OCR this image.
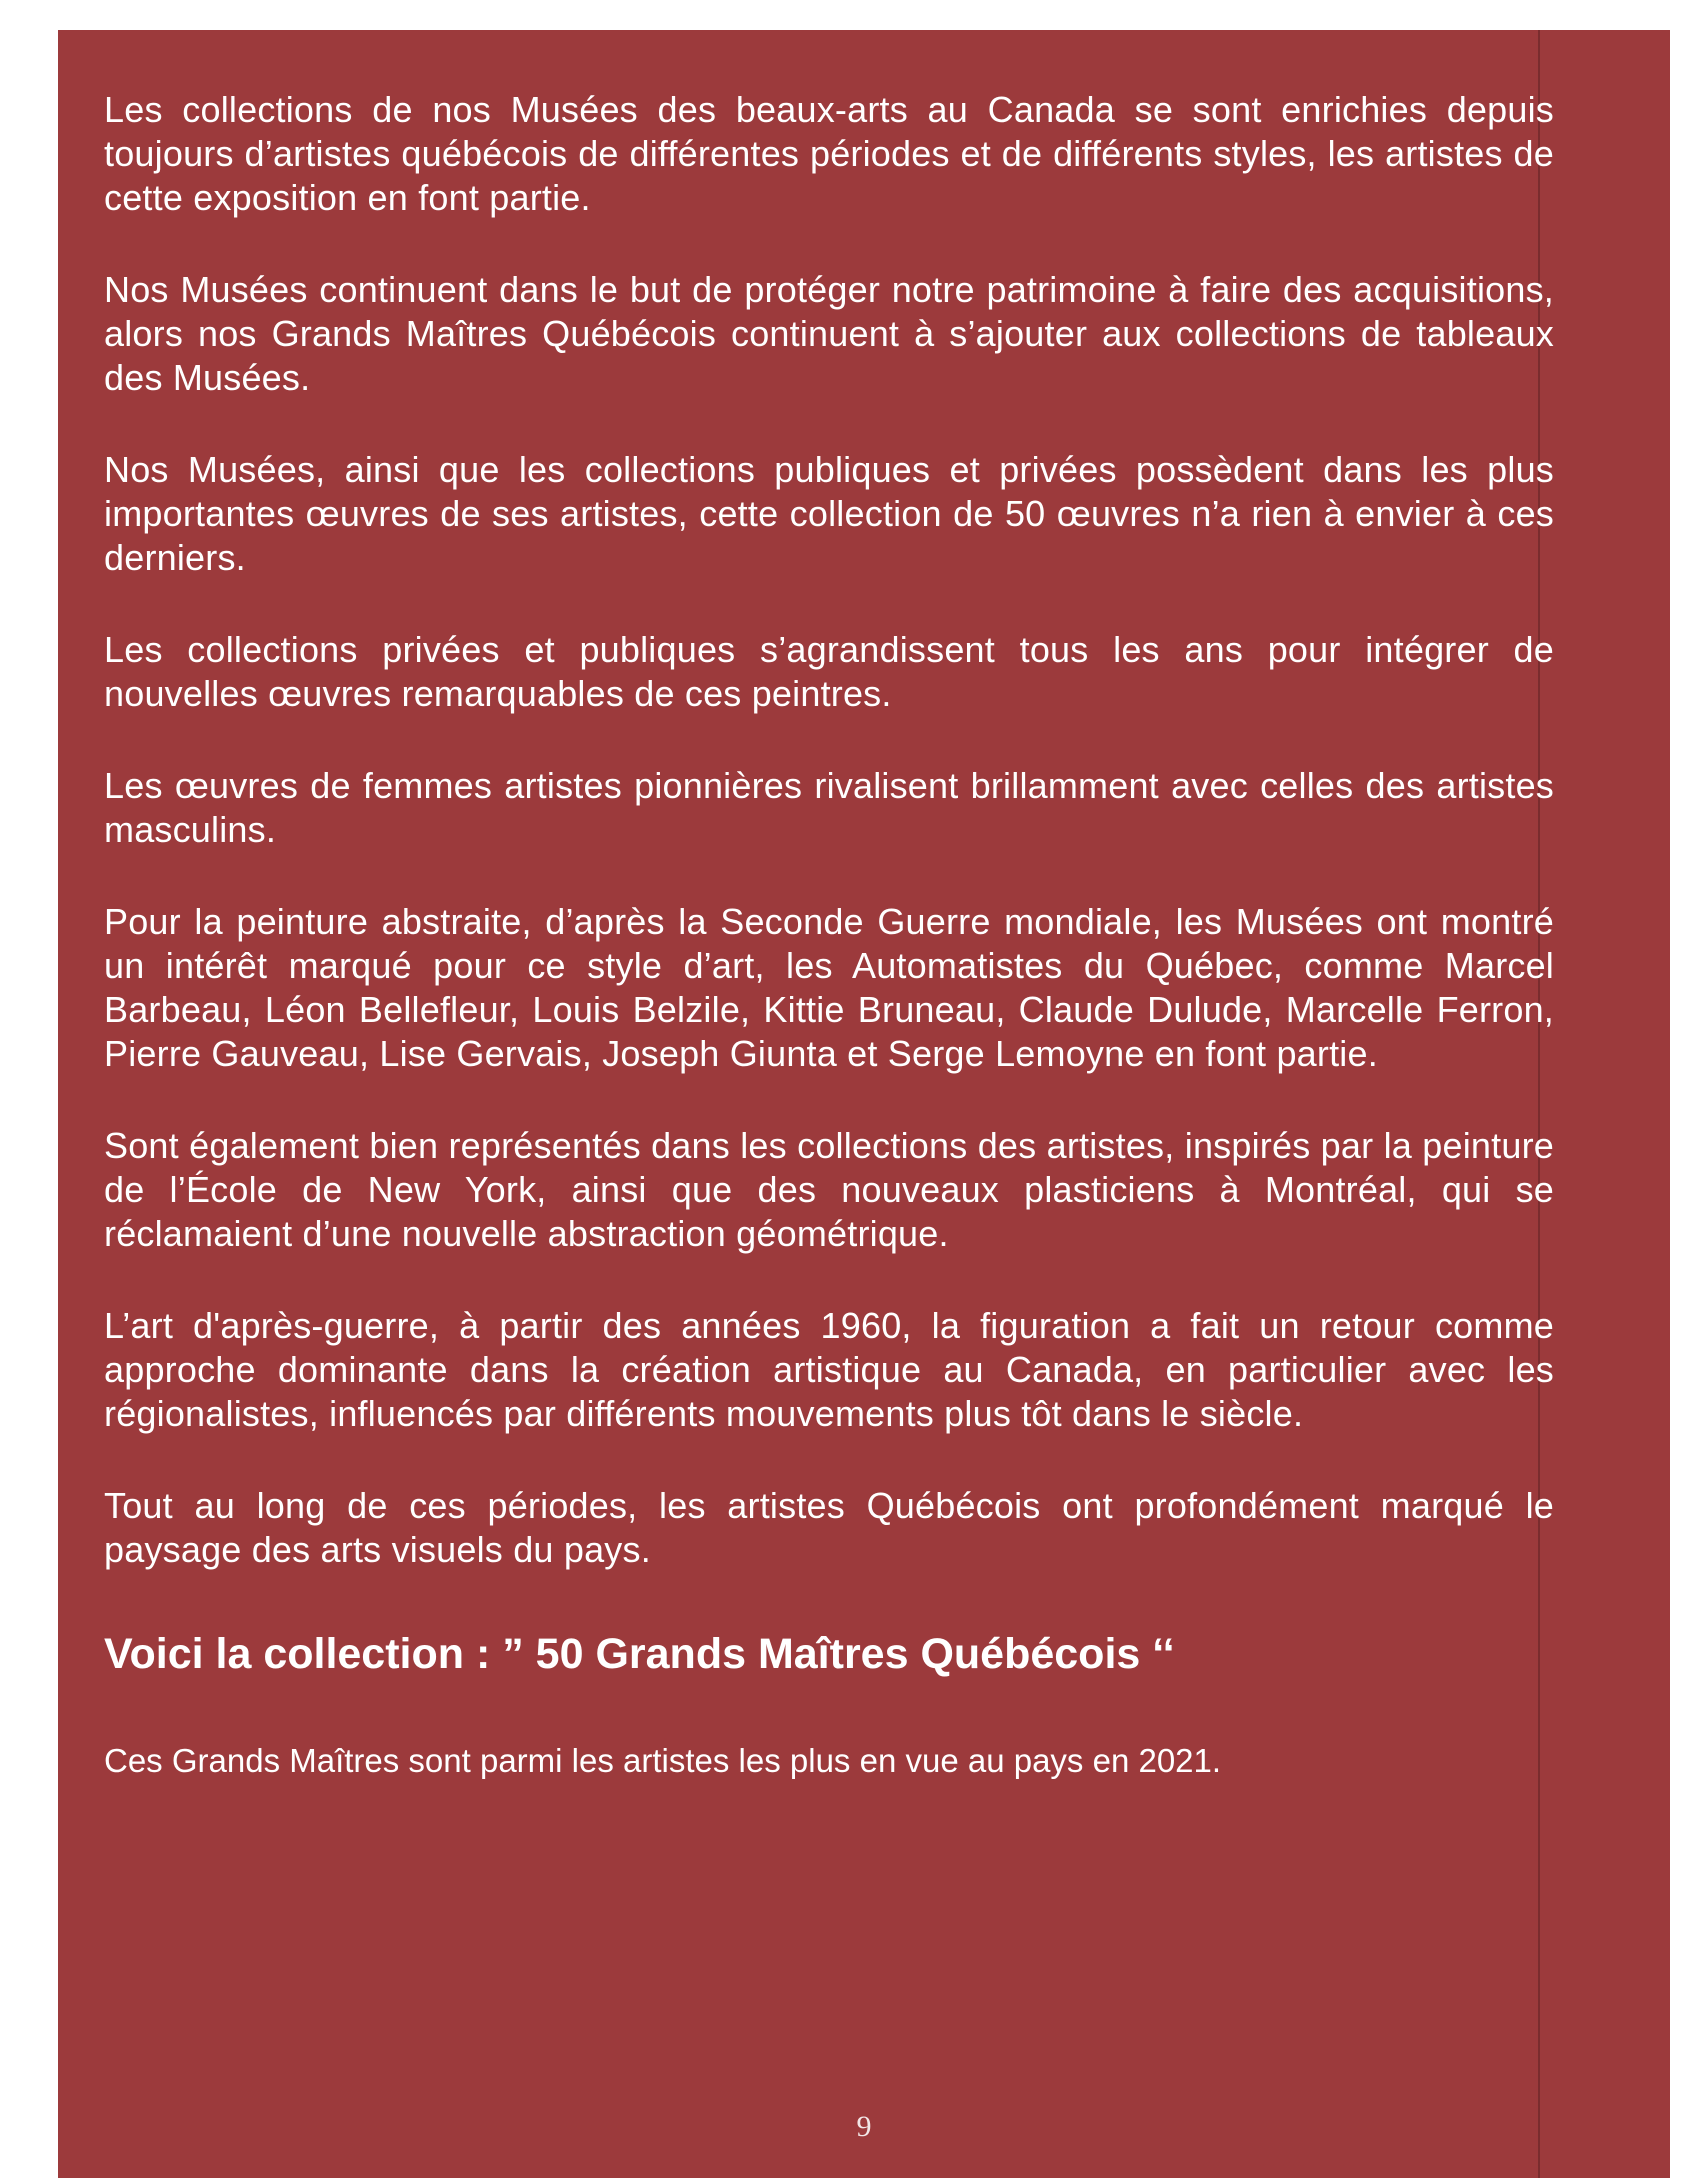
Les collections de nos Musées des beaux-arts au Canada se sont enrichies depuis toujours d’artistes québécois de différentes périodes et de différents styles, les artistes de cette exposition en font partie.

Nos Musées continuent dans le but de protéger notre patrimoine à faire des acquisitions, alors nos Grands Maîtres Québécois continuent à s’ajouter aux collections de tableaux des Musées.

Nos Musées, ainsi que les collections publiques et privées possèdent dans les plus importantes œuvres de ses artistes, cette collection de 50 œuvres n’a rien à envier à ces derniers.

Les collections privées et publiques s’agrandissent tous les ans pour intégrer de nouvelles œuvres remarquables de ces peintres.

Les œuvres de femmes artistes pionnières rivalisent brillamment avec celles des artistes masculins.

Pour la peinture abstraite, d’après la Seconde Guerre mondiale, les Musées ont montré un intérêt marqué pour ce style d’art, les Automatistes du Québec, comme Marcel Barbeau, Léon Bellefleur, Louis Belzile, Kittie Bruneau, Claude Dulude, Marcelle Ferron, Pierre Gauveau, Lise Gervais, Joseph Giunta et Serge Lemoyne en font partie.

Sont également bien représentés dans les collections des artistes, inspirés par la peinture de l’École de New York, ainsi que des nouveaux plasticiens à Montréal, qui se réclamaient d’une nouvelle abstraction géométrique.

L’art d'après-guerre, à partir des années 1960, la figuration a fait un retour comme approche dominante dans la création artistique au Canada, en particulier avec les régionalistes, influencés par différents mouvements plus tôt dans le siècle.

Tout au long de ces périodes, les artistes Québécois ont profondément marqué le paysage des arts visuels du pays.

Voici la collection : ” 50 Grands Maîtres Québécois ‘‘

Ces Grands Maîtres sont parmi les artistes les plus en vue au pays en 2021.

9
